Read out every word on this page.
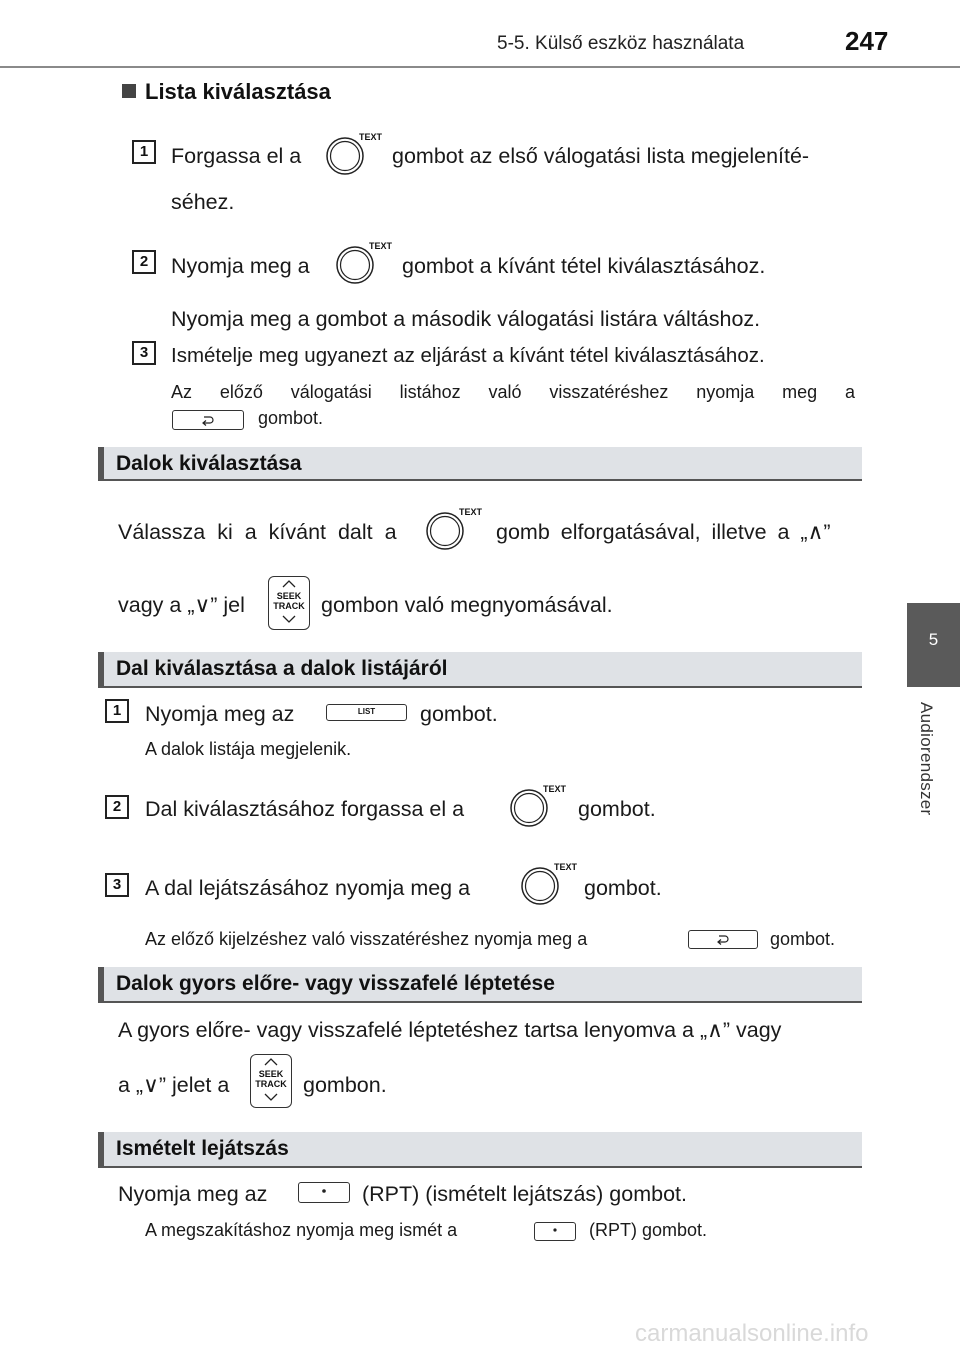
5-5. Külső eszköz használata	247
5
Audiorendszer
Lista kiválasztása
1	Forgassa el a
TEXT
gombot az első válogatási lista megjeleníté-
séhez.
2	Nyomja meg a
TEXT
gombot a kívánt tétel kiválasztásához.
Nyomja meg a gombot a második válogatási listára váltáshoz.
3	Ismételje meg ugyanezt az eljárást a kívánt tétel kiválasztásához.
Az előző válogatási listához való visszatéréshez nyomja meg a
gombot.
Dalok kiválasztása
Válassza ki a kívánt dalt a
TEXT
gomb elforgatásával, illetve a „∧”
vagy a „∨” jel	SEEK
TRACK gombon való megnyomásával.
Dal kiválasztása a dalok listájáról
1	Nyomja meg az	LIST	gombot.
A dalok listája megjelenik.
2	Dal kiválasztásához forgassa el a
TEXT
gombot.
3	A dal lejátszásához nyomja meg a
TEXT
gombot.
Az előző kijelzéshez való visszatéréshez nyomja meg a	gombot.
Dalok gyors előre- vagy visszafelé léptetése
A gyors előre- vagy visszafelé léptetéshez tartsa lenyomva a „∧” vagy
a „∨” jelet a	SEEK
TRACK gombon.
Ismételt lejátszás
Nyomja meg az	(RPT) (ismételt lejátszás) gombot.
A megszakításhoz nyomja meg ismét a	(RPT) gombot.
carmanualsonline.info
